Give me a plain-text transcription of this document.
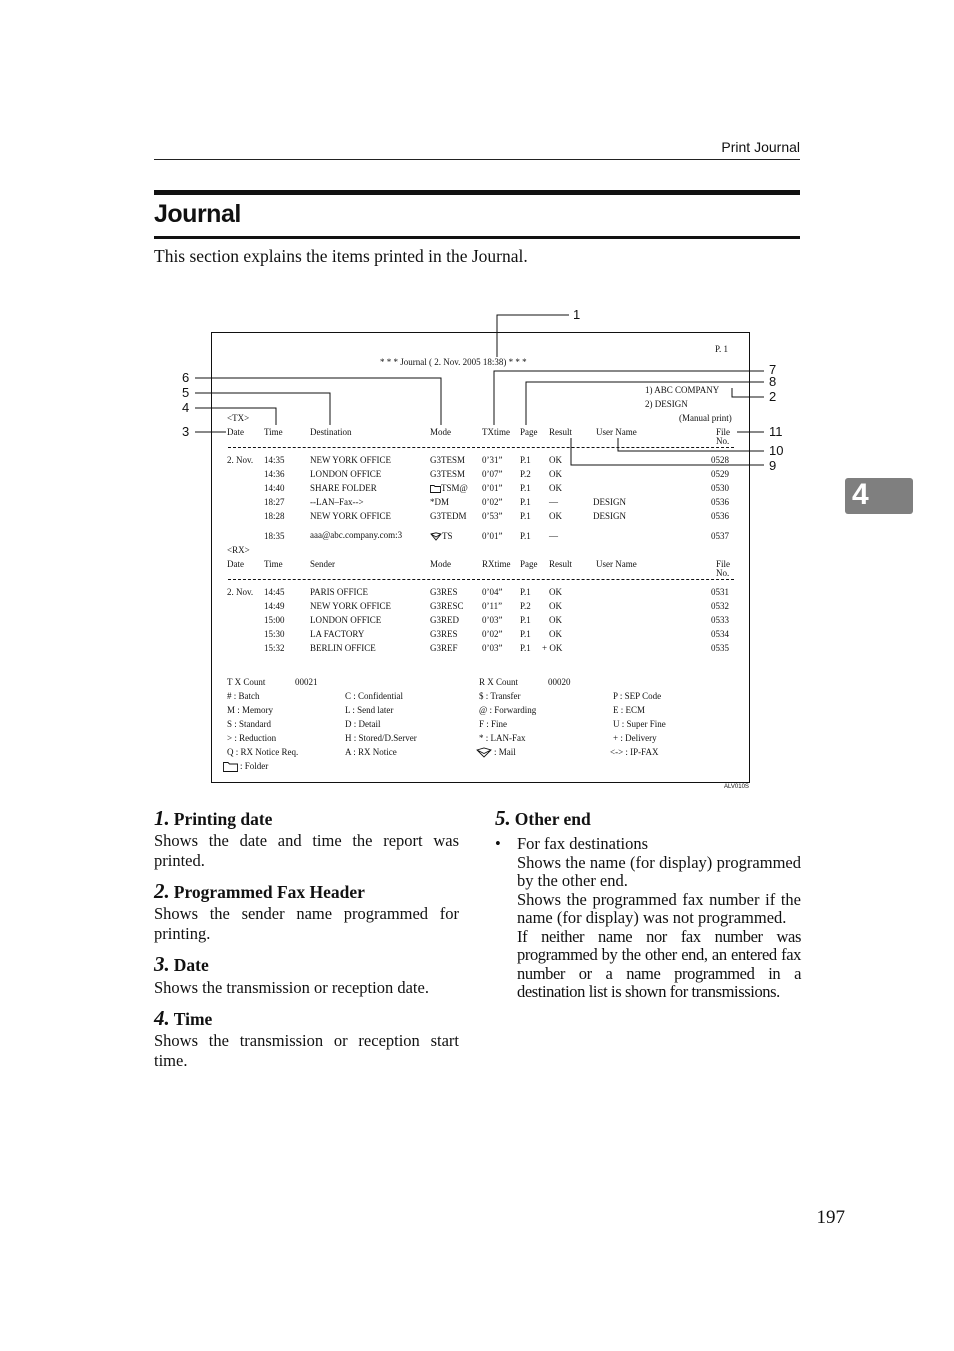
Print Journal
Journal
This section explains the items printed in the Journal.
4
P. 1
* * * Journal ( 2. Nov. 2005 18:38) * * *
1) ABC COMPANY
2) DESIGN
(Manual print)
<TX>
Date Time	Destination	Mode	TXtime Page Result	User Name	File
No.
2. Nov. 14:35	NEW YORK OFFICE	G3TESM 0’31” P.1 OK	0528
14:36	LONDON OFFICE	G3TESM 0’07” P.2 OK	0529
14:40	SHARE FOLDER	TSM@ 0’01” P.1 OK	0530
18:27	--LAN–Fax-->	*DM	0’02” P.1 ––	DESIGN	0536
18:28	NEW YORK OFFICE	G3TEDM 0’53” P.1 OK	DESIGN	0536
18:35	aaa@abc.company.com:3	TS	0’01” P.1 ––	0537
<RX>
Date Time	Sender	Mode	RXtime Page Result	User Name	File
No.
2. Nov. 14:45	PARIS OFFICE	G3RES	0’04” P.1 OK	0531
14:49	NEW YORK OFFICE	G3RESC 0’11” P.2 OK	0532
15:00	LONDON OFFICE	G3RED	0’03” P.1 OK	0533
15:30	LA FACTORY	G3RES	0’02” P.1 OK	0534
15:32	BERLIN OFFICE	G3REF	0’03” P.1 + OK	0535
T X Count	00021	R X Count	00020
# : Batch
M : Memory
S : Standard
> : Reduction
Q : RX Notice Req.
: Folder
C : Confidential
L : Send later
D : Detail
H : Stored/D.Server
A : RX Notice
$ : Transfer
@ : Forwarding
F : Fine
* : LAN-Fax
: Mail
P : SEP Code
E : ECM
U : Super Fine
+ : Delivery
<-> : IP-FAX
ALV010S
1
2
3
4
5
6
7
8
9
10
11
1. Printing date
Shows the date and time the report was printed.
2. Programmed Fax Header
Shows the sender name programmed for printing.
3. Date
Shows the transmission or reception date.
4. Time
Shows the transmission or reception start time.
5. Other end
• For fax destinations

Shows the name (for display) programmed by the other end.

Shows the programmed fax number if the name (for display) was not programmed.

If neither name nor fax number was programmed by the other end, an entered fax number or a name programmed in a destination list is shown for transmissions.

197
